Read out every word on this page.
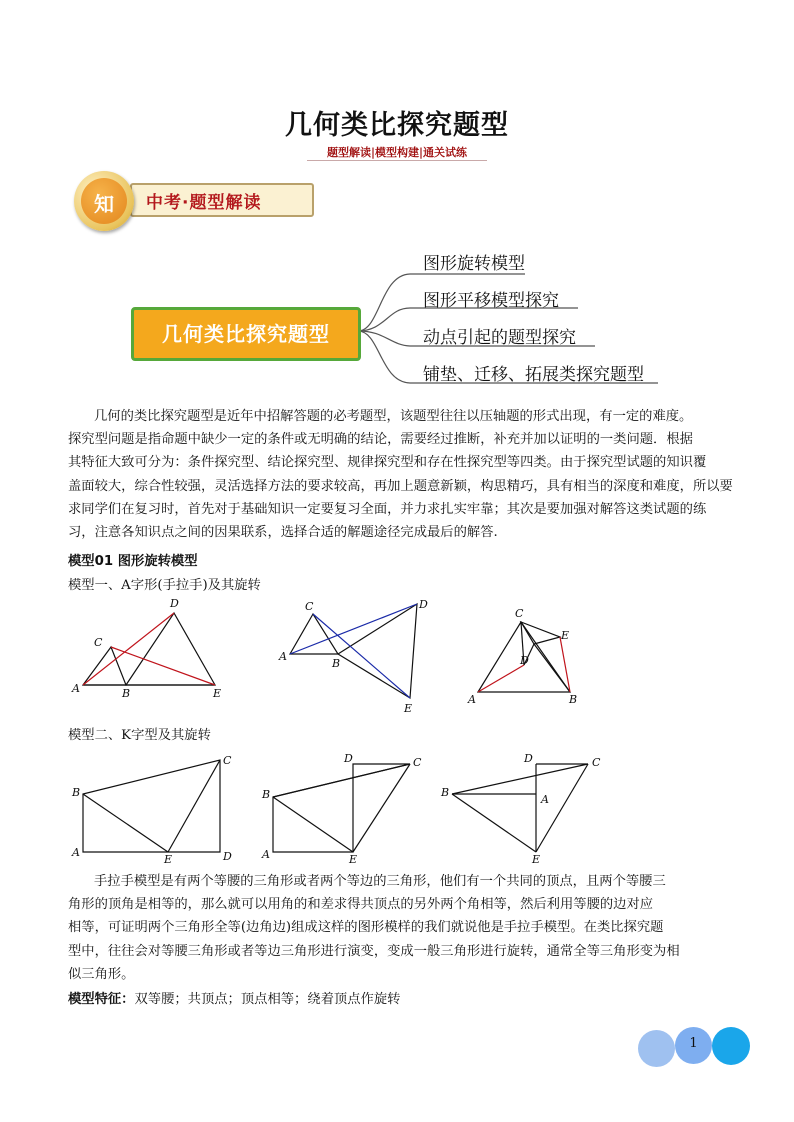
几何类比探究题型
题型解读|模型构建|通关试练
中考·题型解读
知
几何类比探究题型
图形旋转模型
图形平移模型探究
动点引起的题型探究
铺垫、迁移、拓展类探究题型
几何的类比探究题型是近年中招解答题的必考题型，该题型往往以压轴题的形式出现，有一定的难度。
探究型问题是指命题中缺少一定的条件或无明确的结论，需要经过推断，补充并加以证明的一类问题．根据
其特征大致可分为：条件探究型、结论探究型、规律探究型和存在性探究型等四类。由于探究型试题的知识覆
盖面较大，综合性较强，灵活选择方法的要求较高，再加上题意新颖，构思精巧，具有相当的深度和难度，所以要
求同学们在复习时，首先对于基础知识一定要复习全面，并力求扎实牢靠；其次是要加强对解答这类试题的练
习，注意各知识点之间的因果联系，选择合适的解题途径完成最后的解答.
模型01 图形旋转模型
模型一、A字形(手拉手)及其旋转
A
C
B
D
E
A
C
B
D
E
A
C
D
E
B
模型二、K字型及其旋转
B
A
E	D
C
B
A	E
D	C
B
E
D	C
A
手拉手模型是有两个等腰的三角形或者两个等边的三角形，他们有一个共同的顶点，且两个等腰三
角形的顶角是相等的，那么就可以用角的和差求得共顶点的另外两个角相等，然后利用等腰的边对应
相等，可证明两个三角形全等(边角边)组成这样的图形模样的我们就说他是手拉手模型。在类比探究题
型中，往往会对等腰三角形或者等边三角形进行演变，变成一般三角形进行旋转，通常全等三角形变为相
似三角形。
模型特征：双等腰；共顶点；顶点相等；绕着顶点作旋转
1
